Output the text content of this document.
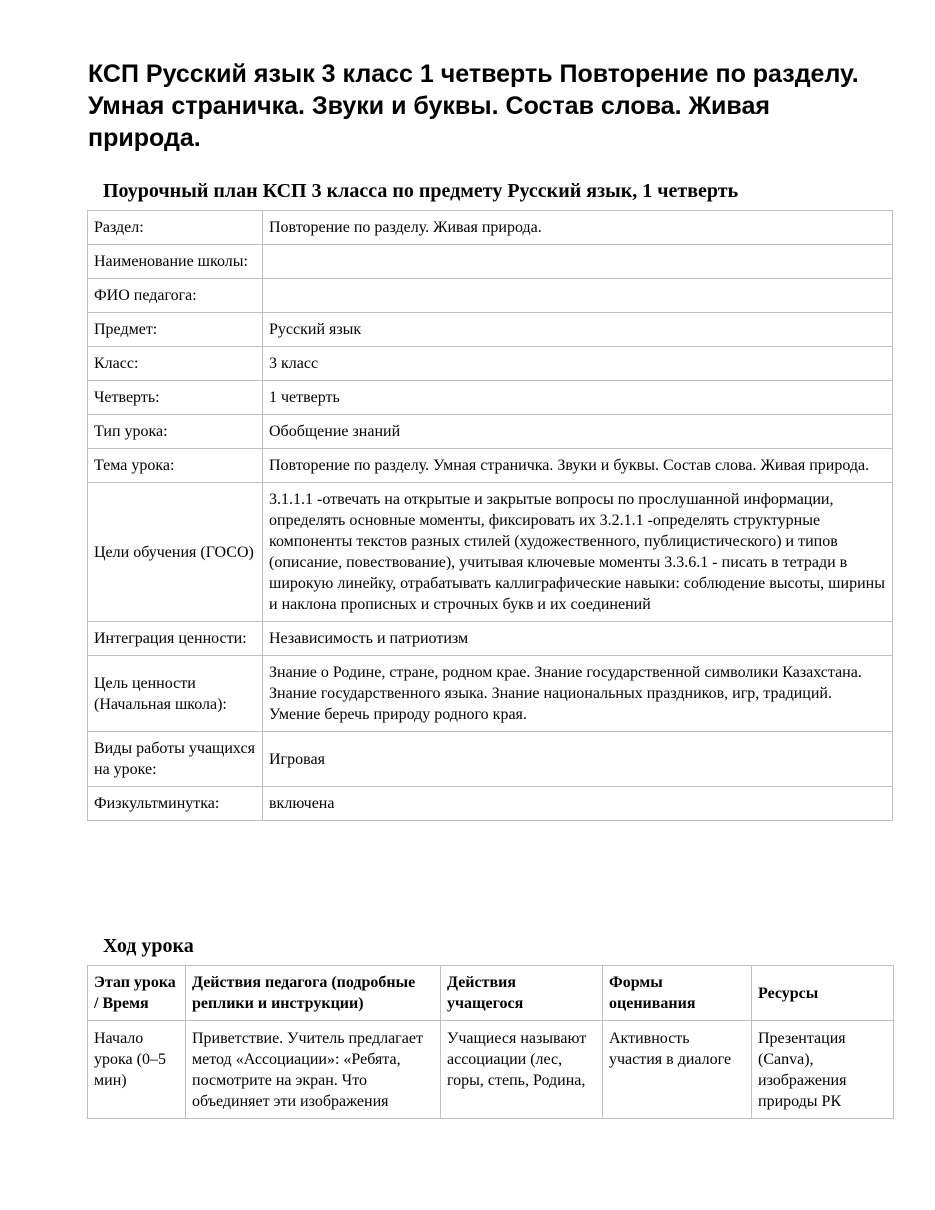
КСП Русский язык 3 класс 1 четверть Повторение по разделу. Умная страничка. Звуки и буквы. Состав слова. Живая природа.
Поурочный план КСП 3 класса по предмету Русский язык, 1 четверть
Раздел:	Повторение по разделу. Живая природа.
Наименование школы:	
ФИО педагога:	
Предмет:	Русский язык
Класс:	3 класс
Четверть:	1 четверть
Тип урока:	Обобщение знаний
Тема урока:	Повторение по разделу. Умная страничка. Звуки и буквы. Состав слова. Живая природа.
Цели обучения (ГОСО)	3.1.1.1 -отвечать на открытые и закрытые вопросы по прослушанной информации, определять основные моменты, фиксировать их 3.2.1.1 -определять структурные компоненты текстов разных стилей (художественного, публицистического) и типов (описание, повествование), учитывая ключевые моменты 3.3.6.1 - писать в тетради в широкую линейку, отрабатывать каллиграфические навыки: соблюдение высоты, ширины и наклона прописных и строчных букв и их соединений
Интеграция ценности:	Независимость и патриотизм
Цель ценности (Начальная школа):	Знание о Родине, стране, родном крае. Знание государственной символики Казахстана. Знание государственного языка. Знание национальных праздников, игр, традиций. Умение беречь природу родного края.
Виды работы учащихся на уроке:	Игровая
Физкультминутка:	включена
Ход урока
Этап урока / Время	Действия педагога (подробные реплики и инструкции)	Действия учащегося	Формы оценивания	Ресурсы
Начало урока (0–5 мин)	Приветствие. Учитель предлагает метод «Ассоциации»: «Ребята, посмотрите на экран. Что объединяет эти изображения	Учащиеся называют ассоциации (лес, горы, степь, Родина,	Активность участия в диалоге	Презентация (Canva), изображения природы РК
